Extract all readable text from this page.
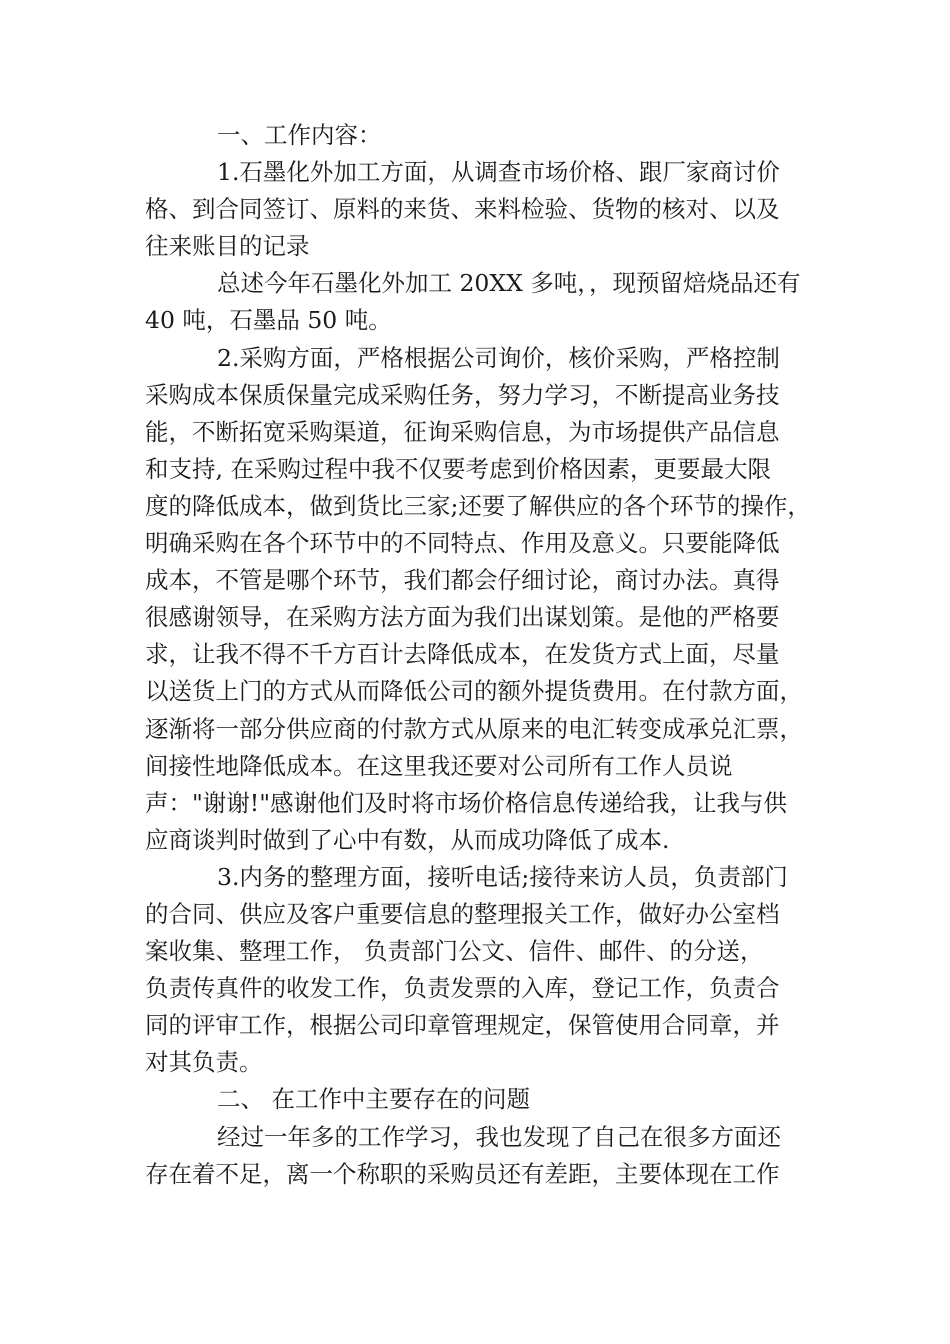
一、工作内容：
1.石墨化外加工方面，从调查市场价格、跟厂家商讨价
格、到合同签订、原料的来货、来料检验、货物的核对、以及
往来账目的记录
总述今年石墨化外加工 20XX 多吨，，现预留焙烧品还有
40 吨，石墨品 50 吨。
2.采购方面，严格根据公司询价，核价采购，严格控制
采购成本保质保量完成采购任务，努力学习，不断提高业务技
能，不断拓宽采购渠道，征询采购信息，为市场提供产品信息
和支持, 在采购过程中我不仅要考虑到价格因素，更要最大限
度的降低成本，做到货比三家;还要了解供应的各个环节的操作，
明确采购在各个环节中的不同特点、作用及意义。只要能降低
成本，不管是哪个环节，我们都会仔细讨论，商讨办法。真得
很感谢领导，在采购方法方面为我们出谋划策。是他的严格要
求，让我不得不千方百计去降低成本，在发货方式上面，尽量
以送货上门的方式从而降低公司的额外提货费用。在付款方面，
逐渐将一部分供应商的付款方式从原来的电汇转变成承兑汇票，
间接性地降低成本。在这里我还要对公司所有工作人员说
声："谢谢!"感谢他们及时将市场价格信息传递给我，让我与供
应商谈判时做到了心中有数，从而成功降低了成本.
3.内务的整理方面，接听电话;接待来访人员，负责部门
的合同、供应及客户重要信息的整理报关工作，做好办公室档
案收集、整理工作， 负责部门公文、信件、邮件、的分送，
负责传真件的收发工作，负责发票的入库，登记工作，负责合
同的评审工作，根据公司印章管理规定，保管使用合同章，并
对其负责。
二、 在工作中主要存在的问题
经过一年多的工作学习，我也发现了自己在很多方面还
存在着不足，离一个称职的采购员还有差距，主要体现在工作
